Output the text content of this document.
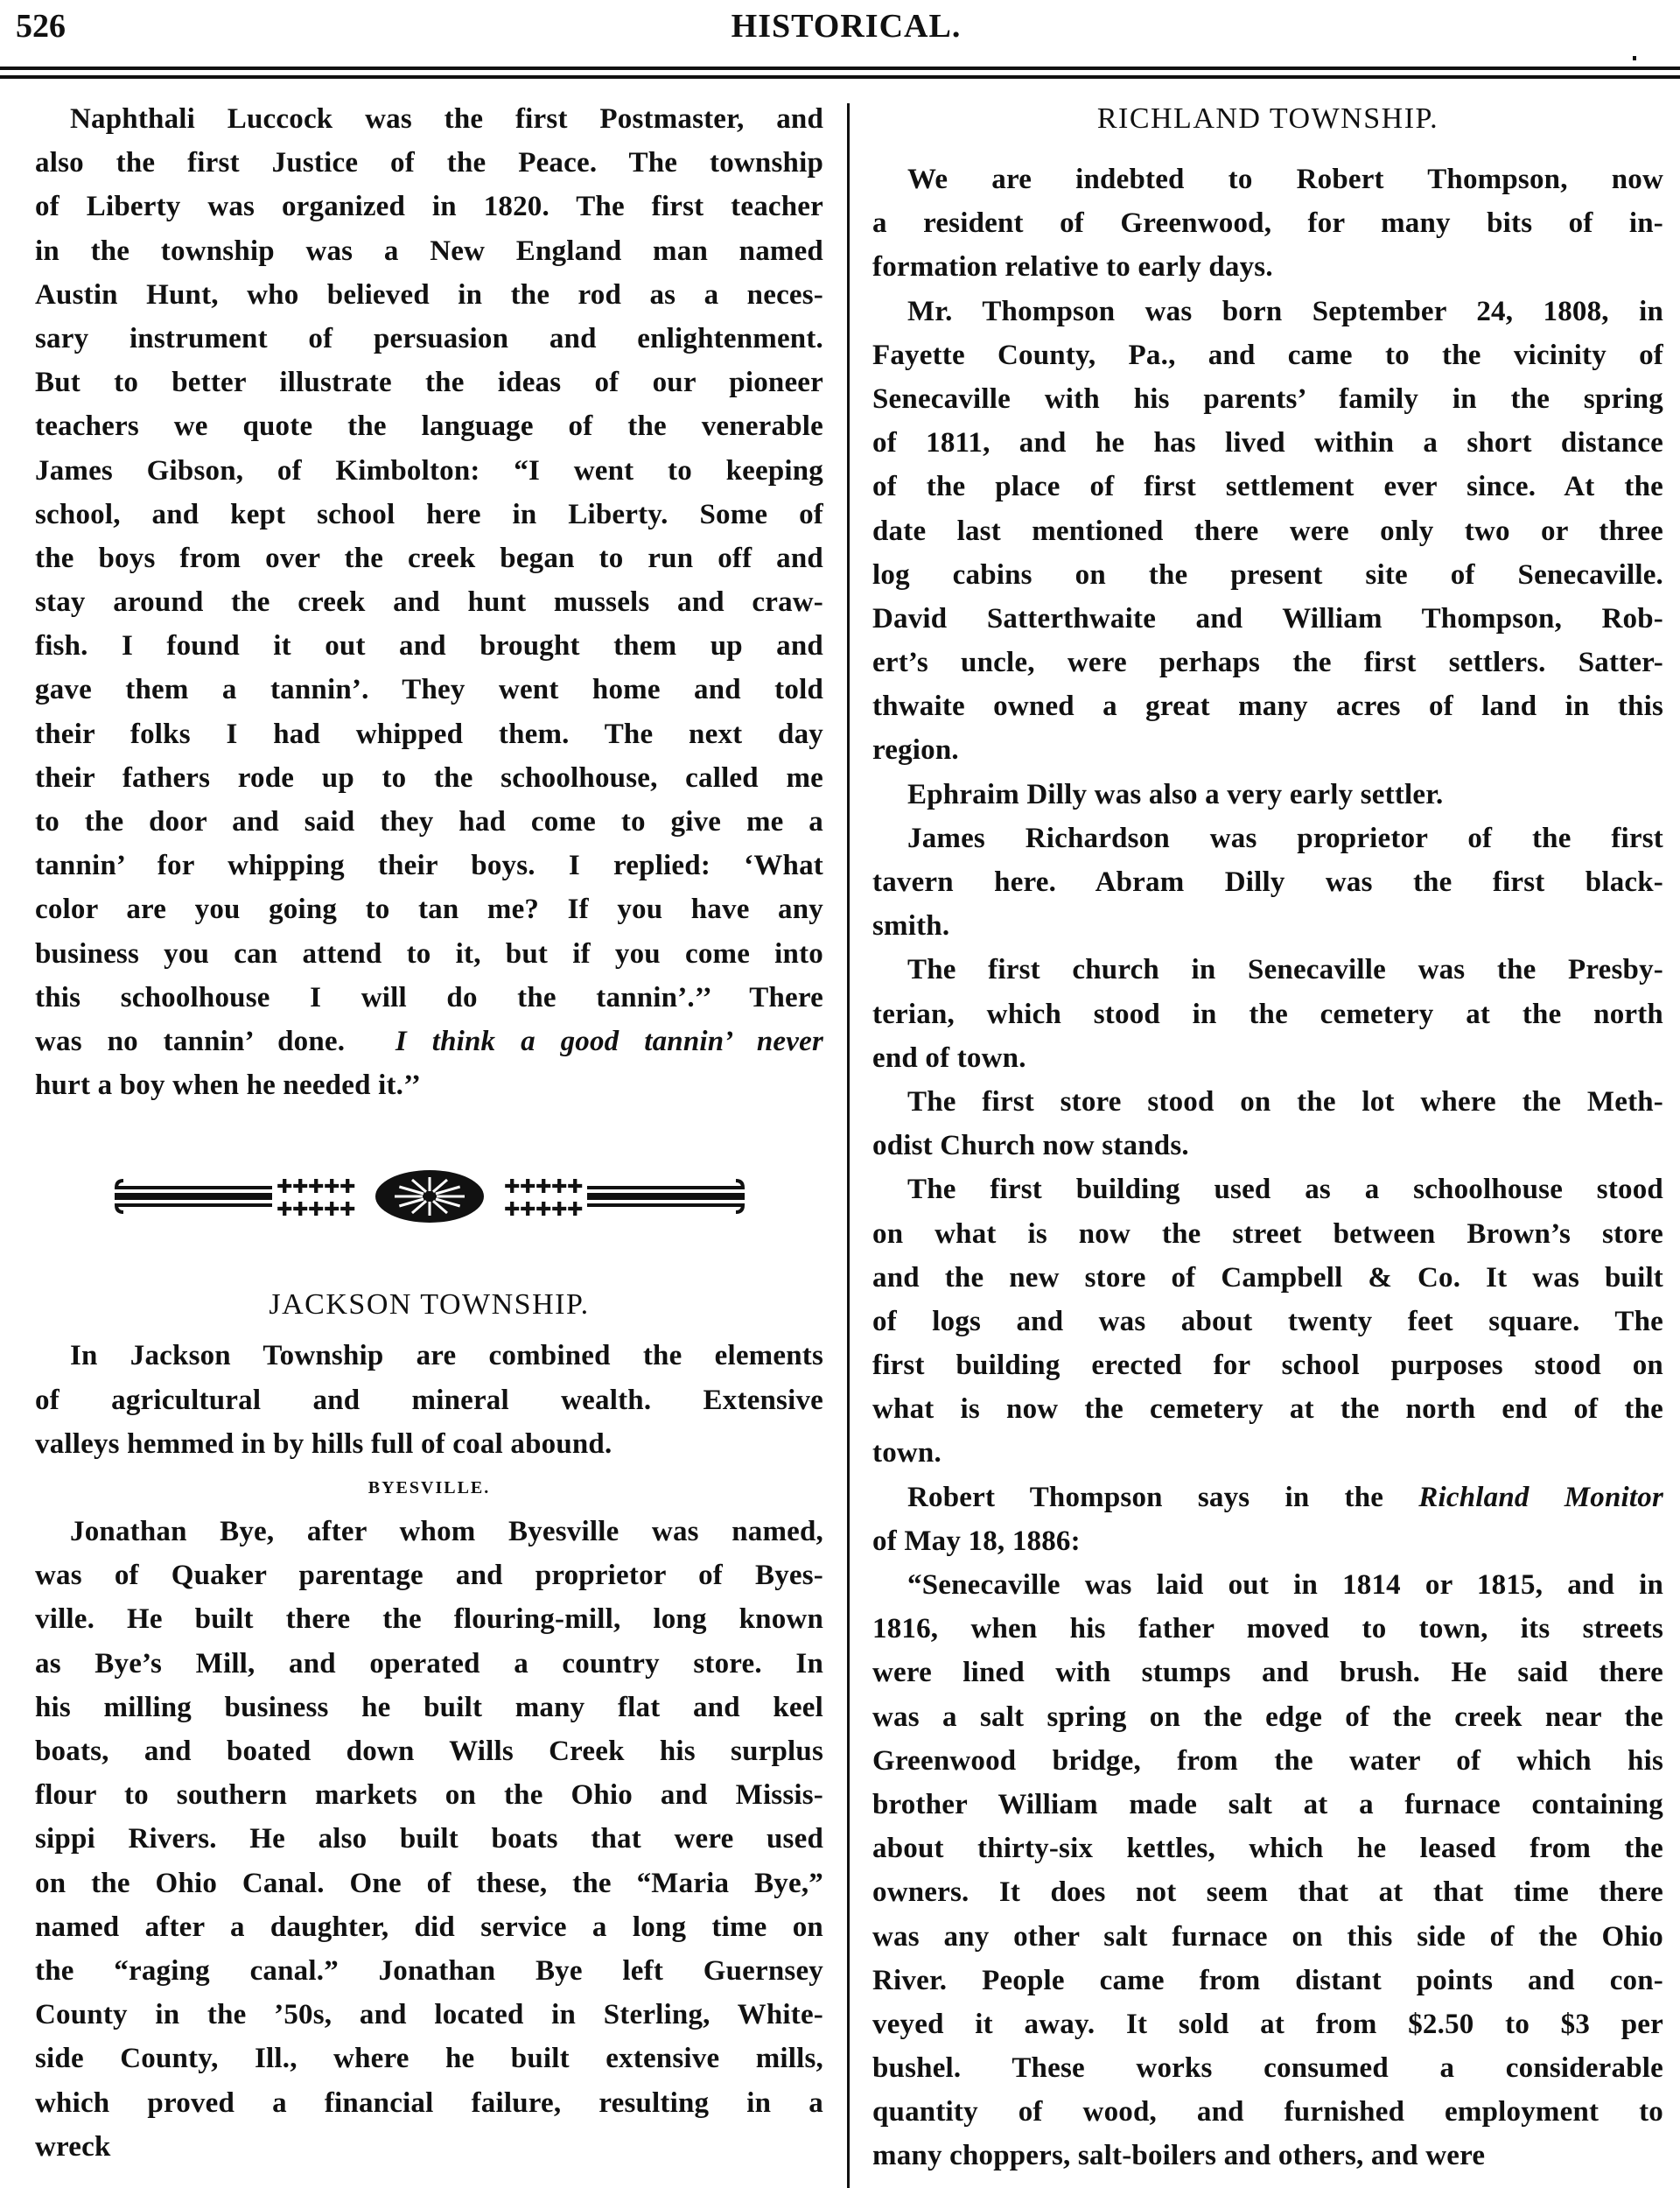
526	HISTORICAL.
Naphthali Luccock was the first Postmaster, and
also the first Justice of the Peace. The township
of Liberty was organized in 1820. The first teacher
in the township was a New England man named
Austin Hunt, who believed in the rod as a neces-
sary instrument of persuasion and enlightenment.
But to better illustrate the ideas of our pioneer
teachers we quote the language of the venerable
James Gibson, of Kimbolton: “I went to keeping
school, and kept school here in Liberty. Some of
the boys from over the creek began to run off and
stay around the creek and hunt mussels and craw-
fish. I found it out and brought them up and
gave them a tannin’. They went home and told
their folks I had whipped them. The next day
their fathers rode up to the schoolhouse, called me
to the door and said they had come to give me a
tannin’ for whipping their boys. I replied: ‘What
color are you going to tan me? If you have any
business you can attend to it, but if you come into
this schoolhouse I will do the tannin’.’’ There
was no tannin’ done.  I think a good tannin’ never
hurt a boy when he needed it.’’
✚
✚
✚
✚
✚
✚
✚
✚
✚
✚
✚
✚
✚
✚
✚
✚
✚
✚
✚
✚
JACKSON TOWNSHIP.
In Jackson Township are combined the elements
of agricultural and mineral wealth. Extensive
valleys hemmed in by hills full of coal abound.
BYESVILLE.
Jonathan Bye, after whom Byesville was named,
was of Quaker parentage and proprietor of Byes-
ville. He built there the flouring-mill, long known
as Bye’s Mill, and operated a country store. In
his milling business he built many flat and keel
boats, and boated down Wills Creek his surplus
flour to southern markets on the Ohio and Missis-
sippi Rivers. He also built boats that were used
on the Ohio Canal. One of these, the “Maria Bye,”
named after a daughter, did service a long time on
the “raging canal.” Jonathan Bye left Guernsey
County in the ’50s, and located in Sterling, White-
side County, Ill., where he built extensive mills,
which proved a financial failure, resulting in a
wreck
RICHLAND TOWNSHIP.
We are indebted to Robert Thompson, now
a resident of Greenwood, for many bits of in-
formation relative to early days.
Mr. Thompson was born September 24, 1808, in
Fayette County, Pa., and came to the vicinity of
Senecaville with his parents’ family in the spring
of 1811, and he has lived within a short distance
of the place of first settlement ever since. At the
date last mentioned there were only two or three
log cabins on the present site of Senecaville.
David Satterthwaite and William Thompson, Rob-
ert’s uncle, were perhaps the first settlers. Satter-
thwaite owned a great many acres of land in this
region.
Ephraim Dilly was also a very early settler.
James Richardson was proprietor of the first
tavern here. Abram Dilly was the first black-
smith.
The first church in Senecaville was the Presby-
terian, which stood in the cemetery at the north
end of town.
The first store stood on the lot where the Meth-
odist Church now stands.
The first building used as a schoolhouse stood
on what is now the street between Brown’s store
and the new store of Campbell & Co. It was built
of logs and was about twenty feet square. The
first building erected for school purposes stood on
what is now the cemetery at the north end of the
town.
Robert Thompson says in the Richland Monitor
of May 18, 1886:
“Senecaville was laid out in 1814 or 1815, and in
1816, when his father moved to town, its streets
were lined with stumps and brush. He said there
was a salt spring on the edge of the creek near the
Greenwood bridge, from the water of which his
brother William made salt at a furnace containing
about thirty-six kettles, which he leased from the
owners. It does not seem that at that time there
was any other salt furnace on this side of the Ohio
River. People came from distant points and con-
veyed it away. It sold at from $2.50 to $3 per
bushel. These works consumed a considerable
quantity of wood, and furnished employment to
many choppers, salt-boilers and others, and were
